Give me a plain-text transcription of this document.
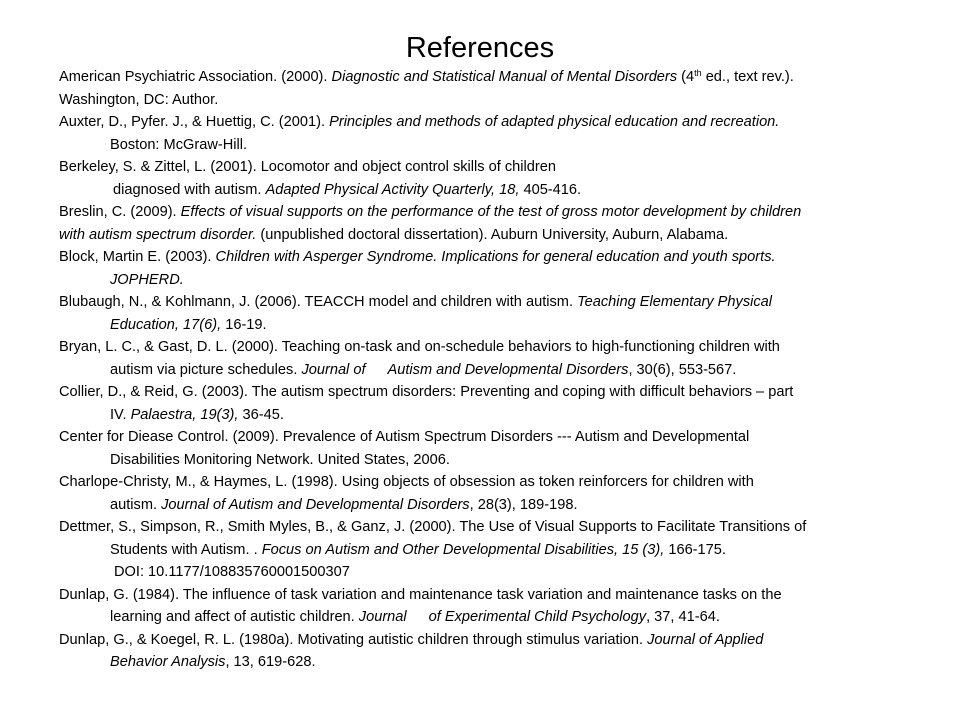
References
American Psychiatric Association. (2000). Diagnostic and Statistical Manual of Mental Disorders (4th ed., text rev.).
Washington, DC: Author.
Auxter, D., Pyfer. J., & Huettig, C. (2001). Principles and methods of adapted physical education and recreation.
Boston: McGraw-Hill.
Berkeley, S. & Zittel, L. (2001). Locomotor and object control skills of children
diagnosed with autism. Adapted Physical Activity Quarterly, 18, 405-416.
Breslin, C. (2009). Effects of visual supports on the performance of the test of gross motor development by children
with autism spectrum disorder. (unpublished doctoral dissertation). Auburn University, Auburn, Alabama.
Block, Martin E. (2003). Children with Asperger Syndrome. Implications for general education and youth sports.
JOPHERD.
Blubaugh, N., & Kohlmann, J. (2006). TEACCH model and children with autism. Teaching Elementary Physical
Education, 17(6), 16-19.
Bryan, L. C., & Gast, D. L. (2000). Teaching on-task and on-schedule behaviors to high-functioning children with
autism via picture schedules. Journal of Autism and Developmental Disorders, 30(6), 553-567.
Collier, D., & Reid, G. (2003). The autism spectrum disorders: Preventing and coping with difficult behaviors – part
IV. Palaestra, 19(3), 36-45.
Center for Diease Control. (2009). Prevalence of Autism Spectrum Disorders --- Autism and Developmental
Disabilities Monitoring Network. United States, 2006.
Charlope-Christy, M., & Haymes, L. (1998). Using objects of obsession as token reinforcers for children with
autism. Journal of Autism and Developmental Disorders, 28(3), 189-198.
Dettmer, S., Simpson, R., Smith Myles, B., & Ganz, J. (2000). The Use of Visual Supports to Facilitate Transitions of
Students with Autism. . Focus on Autism and Other Developmental Disabilities, 15 (3), 166-175.
DOI: 10.1177/108835760001500307
Dunlap, G. (1984). The influence of task variation and maintenance task variation and maintenance tasks on the
learning and affect of autistic children. Journal of Experimental Child Psychology, 37, 41-64.
Dunlap, G., & Koegel, R. L. (1980a). Motivating autistic children through stimulus variation. Journal of Applied
Behavior Analysis, 13, 619-628.
